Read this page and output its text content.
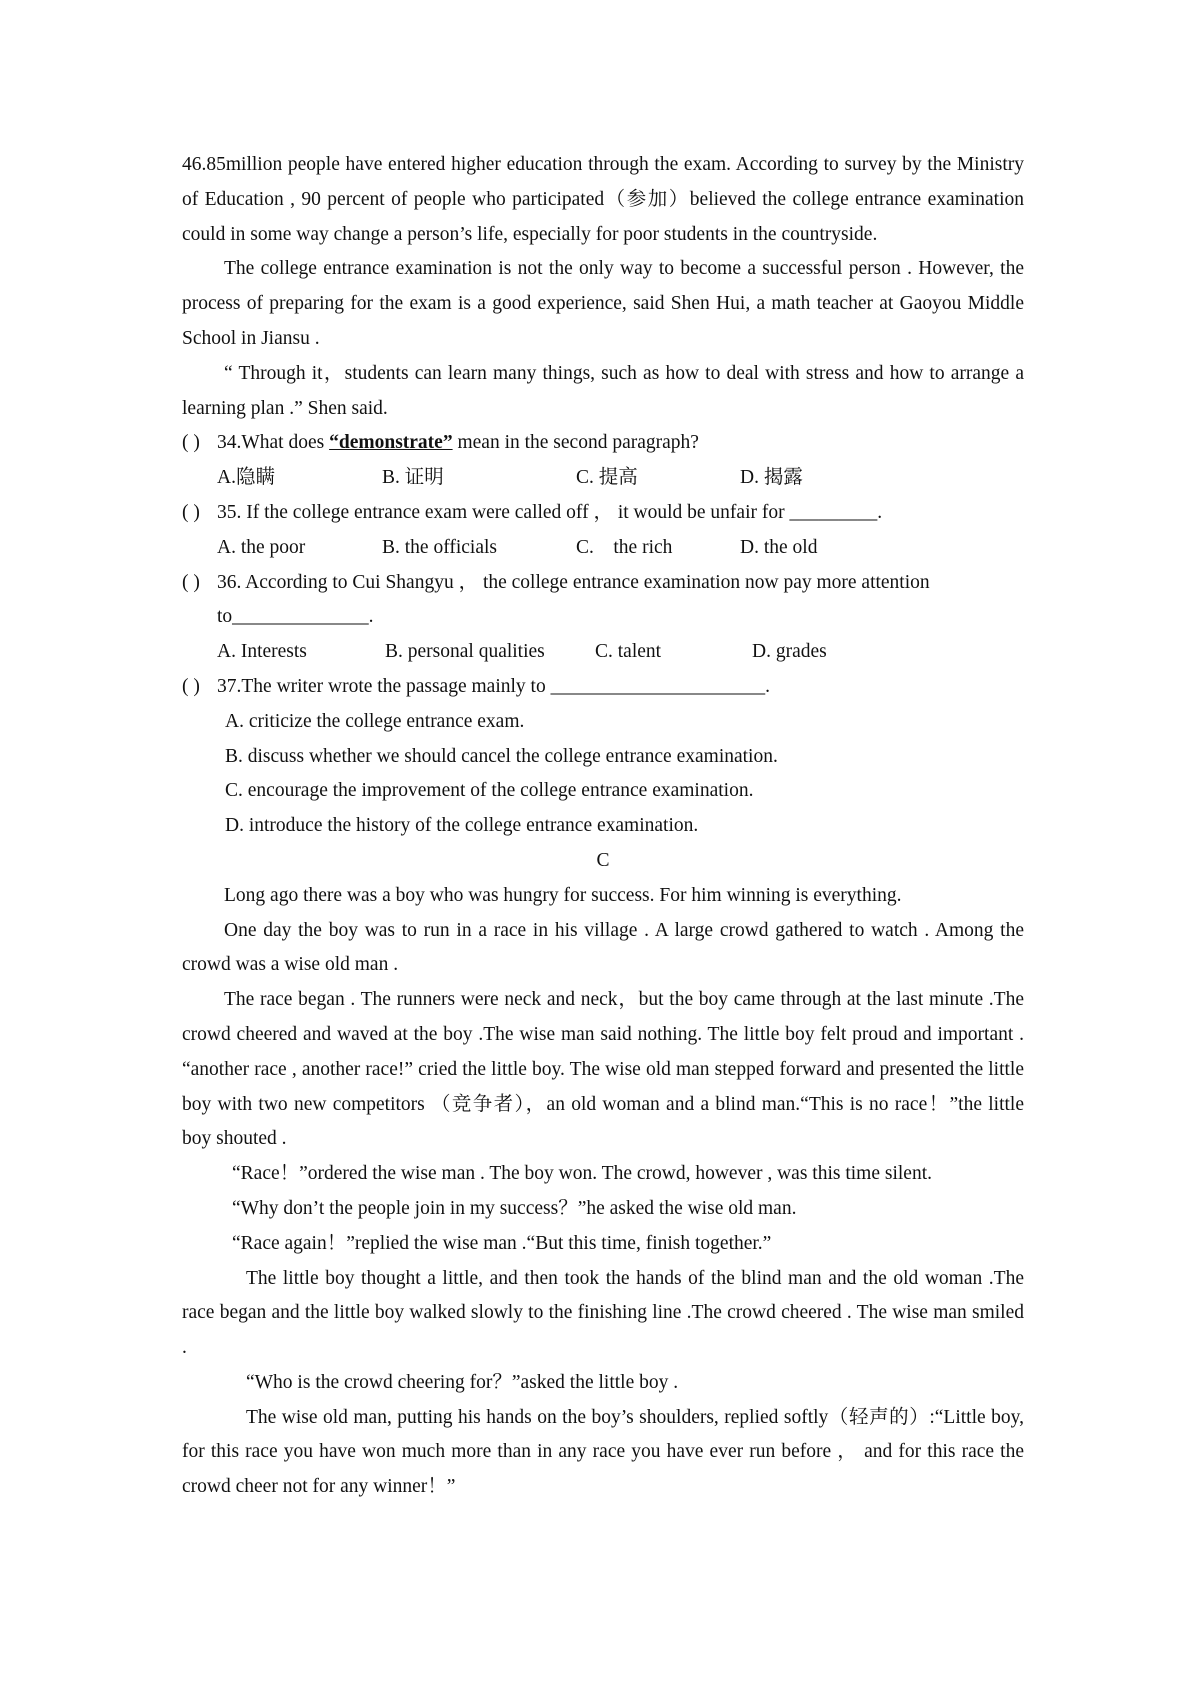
46.85million people have entered higher education through the exam. According to survey by the Ministry of Education , 90 percent of people who participated（参加）believed the college entrance examination could in some way change a person’s life, especially for poor students in the countryside.

The college entrance examination is not the only way to become a successful person . However, the process of preparing for the exam is a good experience, said Shen Hui, a math teacher at Gaoyou Middle School in Jiansu .

“ Through it，students can learn many things, such as how to deal with stress and how to arrange a learning plan .” Shen said.

( ) 34.What does “demonstrate” mean in the second paragraph?

A.隐瞒	B. 证明	C. 提高	D. 揭露

( ) 35. If the college entrance exam were called off ， it would be unfair for _________.

A. the poor	B. the officials	C.    the rich	D. the old

( ) 36. According to Cui Shangyu ， the college entrance examination now pay more attention

to______________.

A. Interests	B. personal qualities	C. talent	D. grades

( ) 37.The writer wrote the passage mainly to ______________________.

A. criticize the college entrance exam.
B. discuss whether we should cancel the college entrance examination.
C. encourage the improvement of the college entrance examination.
D. introduce the history of the college entrance examination.

C

Long ago there was a boy who was hungry for success. For him winning is everything.

One day the boy was to run in a race in his village . A large crowd gathered to watch . Among the crowd was a wise old man .

The race began . The runners were neck and neck，but the boy came through at the last minute .The crowd cheered and waved at the boy .The wise man said nothing. The little boy felt proud and important . “another race , another race!” cried the little boy. The wise old man stepped forward and presented the little boy with two new competitors （竞争者），an old woman and a blind man.“This is no race！”the little boy shouted .

“Race！”ordered the wise man . The boy won. The crowd, however , was this time silent.

“Why don’t the people join in my success？”he asked the wise old man.

“Race again！”replied the wise man .“But this time, finish together.”

The little boy thought a little, and then took the hands of the blind man and the old woman .The race began and the little boy walked slowly to the finishing line .The crowd cheered . The wise man smiled .

“Who is the crowd cheering for？”asked the little boy .

The wise old man, putting his hands on the boy’s shoulders, replied softly（轻声的）:“Little boy, for this race you have won much more than in any race you have ever run before ， and for this race the crowd cheer not for any winner！”
